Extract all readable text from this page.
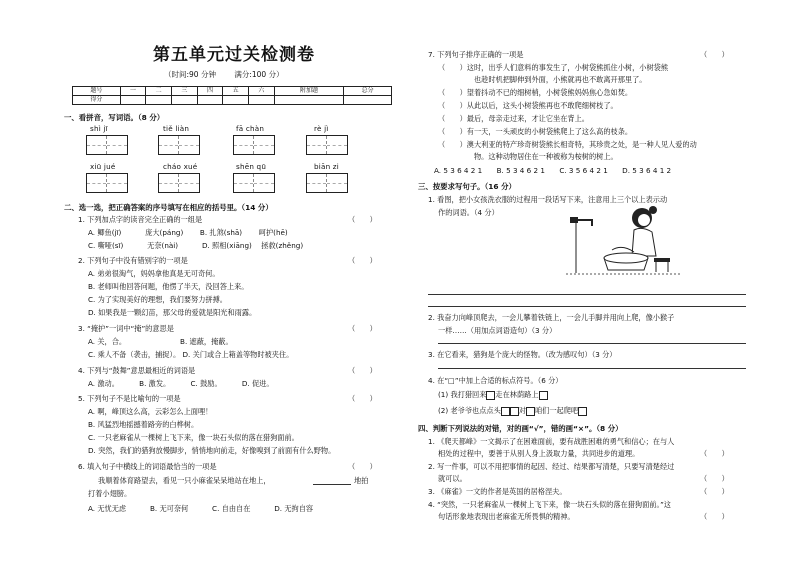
第五单元过关检测卷
（时间:90 分钟 满分:100 分）
题号	一	二	三	四	五	六	附加题	总分
得分								
一、看拼音，写词语。（8 分）
shì jī	tiě liàn	fā chàn	rè jì
xiū jué	cháo xué	shēn qū	biān zi
二、选一选，把正确答案的序号填写在相应的括号里。（14 分）
1. 下列加点字的读音完全正确的一组是	（　　）
A. 鲫鱼(jī)　　　 庞大(páng)　　 B. 扎煞(shā)　　 呵护(hē)
C. 嘶哑(sī)　　　 无奈(nài)　　　 D. 照相(xiāng)　 拯救(zhěng)
2. 下列句子中没有错别字的一项是	（　　）
A. 弟弟很淘气，妈妈拿他真是无可奇何。
B. 老师叫他回答问题，他愣了半天，没回答上来。
C. 为了实现美好的理想，我们要努力拼搏。
D. 如果我是一颗幻苗，那父母的爱就是阳光和雨露。
3. “掩护”一词中“掩”的意思是	（　　）
A. 关，合。　　　　　　　　B. 遮蔽，掩蔽。
C. 乘人不备（袭击，捕捉）。 D. 关门或合上箱盖等物时被夹住。
4. 下列与“鼓舞”意思最相近的词语是	（　　）
A. 激动。　　　 B. 激发。　　　 C. 鼓励。　　　 D. 促进。
5. 下列句子不是比喻句的一项是	（　　）
A. 啊，峰顶这么高，云彩怎么上面哩！
B. 风猛烈地摇撼着路旁的白桦树。
C. 一只老麻雀从一棵树上飞下来，像一块石头似的落在猎狗面前。
D. 突然，我们的猎狗放慢脚步，悄悄地向前走，好像嗅到了前面有什么野物。
6. 填入句子中横线上的词语最恰当的一项是	（　　）
我顺着体育路望去，看见一只小麻雀呆呆地站在地上，	地拍
打着小翅膀。
A. 无忧无虑　　　 B. 无可奈何　　　 C. 自由自在　　　 D. 无拘自容
7. 下列句子排序正确的一项是	（　　）
（　　）这时，出乎人们意料的事发生了，小树袋熊抓住小树，小树袋熊
　　　　　也趁时机把脚伸到外面，小熊就再也不敢离开那里了。
（　　）望着抖动不已的细树梢，小树袋熊妈妈焦心急如焚。
（　　）从此以后，这头小树袋熊再也不敢爬细树枝了。
（　　）最后，母亲走过来，才让它坐在背上。
（　　）有一天，一头顽皮的小树袋熊爬上了这么高的枝条。
（　　）澳大利亚的特产珍奇树袋熊长相奇特，其珍贵之处，是一种人见人爱的动
　　　　　物。这种动物居住在一种被称为桉树的树上。
A. 5 3 6 4 2 1　　B. 5 3 4 6 2 1　　C. 3 5 6 4 2 1　　D. 5 3 6 4 1 2
三、按要求写句子。（16 分）
1. 看图，把小女孩洗衣服的过程用一段话写下来，注意用上三个以上表示动
作的词语。（4 分）
2. 我奋力向峰顶爬去，一会儿攀着铁链上，一会儿手脚并用向上爬，像小猴子
一样……（用加点词语造句）（3 分）
3. 在它看来，猎狗是个庞大的怪物。（改为感叹句）（3 分）
4. 在“□”中加上合适的标点符号。（6 分）
(1) 我打猎回来 走在林荫路上
(2) 老爷爷也点点头	对 咱们一起爬吧
四、判断下列说法的对错，对的画“√”，错的画“×”。（8 分）
1. 《爬天都峰》一文揭示了在困难面前，要有战胜困难的勇气和信心；在与人
相处的过程中，要善于从别人身上汲取力量，共同进步的道理。	（　　）
2. 写一件事，可以不用把事情的起因、经过、结果都写清楚，只要写清楚经过
就可以。	（　　）
3. 《麻雀》一文的作者是英国的居格涅夫。	（　　）
4. “突然，一只老麻雀从一棵树上飞下来，像一块石头似的落在猎狗面前。”这
句话形象地表现出老麻雀无所畏惧的精神。	（　　）
